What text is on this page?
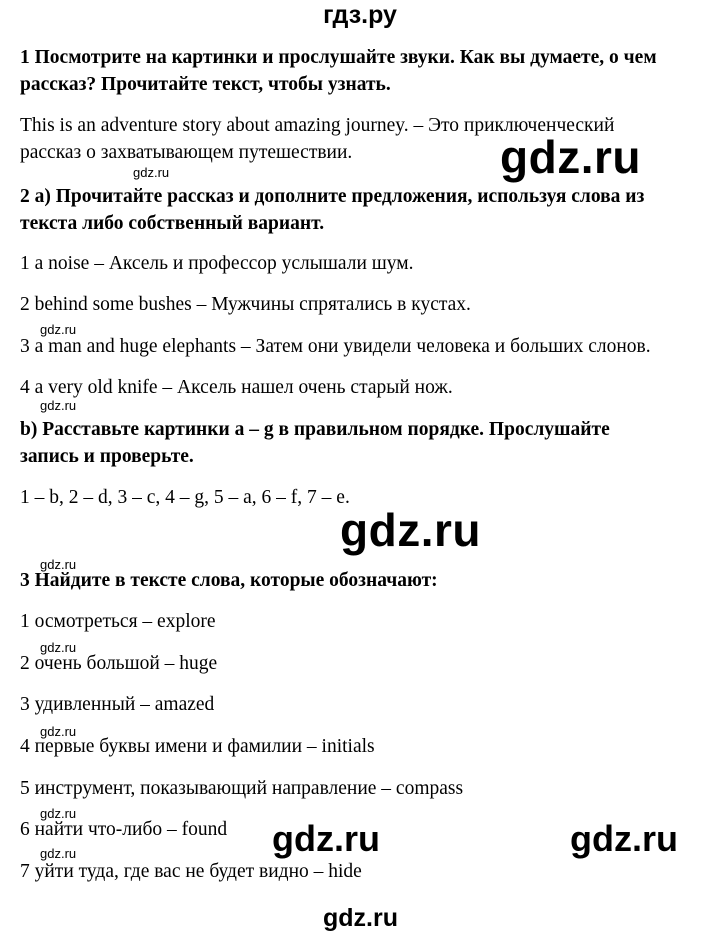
гдз.ру
1 Посмотрите на картинки и прослушайте звуки. Как вы думаете, о чем
рассказ? Прочитайте текст, чтобы узнать.
This is an adventure story about amazing journey. – Это приключенческий
рассказ о захватывающем путешествии.
2 а) Прочитайте рассказ и дополните предложения, используя слова из
текста либо собственный вариант.
1 a noise – Аксель и профессор услышали шум.
2 behind some bushes – Мужчины спрятались в кустах.
3 a man and huge elephants – Затем они увидели человека и больших слонов.
4 a very old knife – Аксель нашел очень старый нож.
b) Расставьте картинки a – g в правильном порядке. Прослушайте
запись и проверьте.
1 – b, 2 – d, 3 – c, 4 – g, 5 – a, 6 – f, 7 – e.
3 Найдите в тексте слова, которые обозначают:
1 осмотреться – explore
2 очень большой – huge
3 удивленный – amazed
4 первые буквы имени и фамилии – initials
5 инструмент, показывающий направление – compass
6 найти что-либо – found
7 уйти туда, где вас не будет видно – hide
gdz.ru
gdz.ru
gdz.ru	gdz.ru
gdz.ru
gdz.ru
gdz.ru
gdz.ru
gdz.ru
gdz.ru
gdz.ru
gdz.ru
gdz.ru
